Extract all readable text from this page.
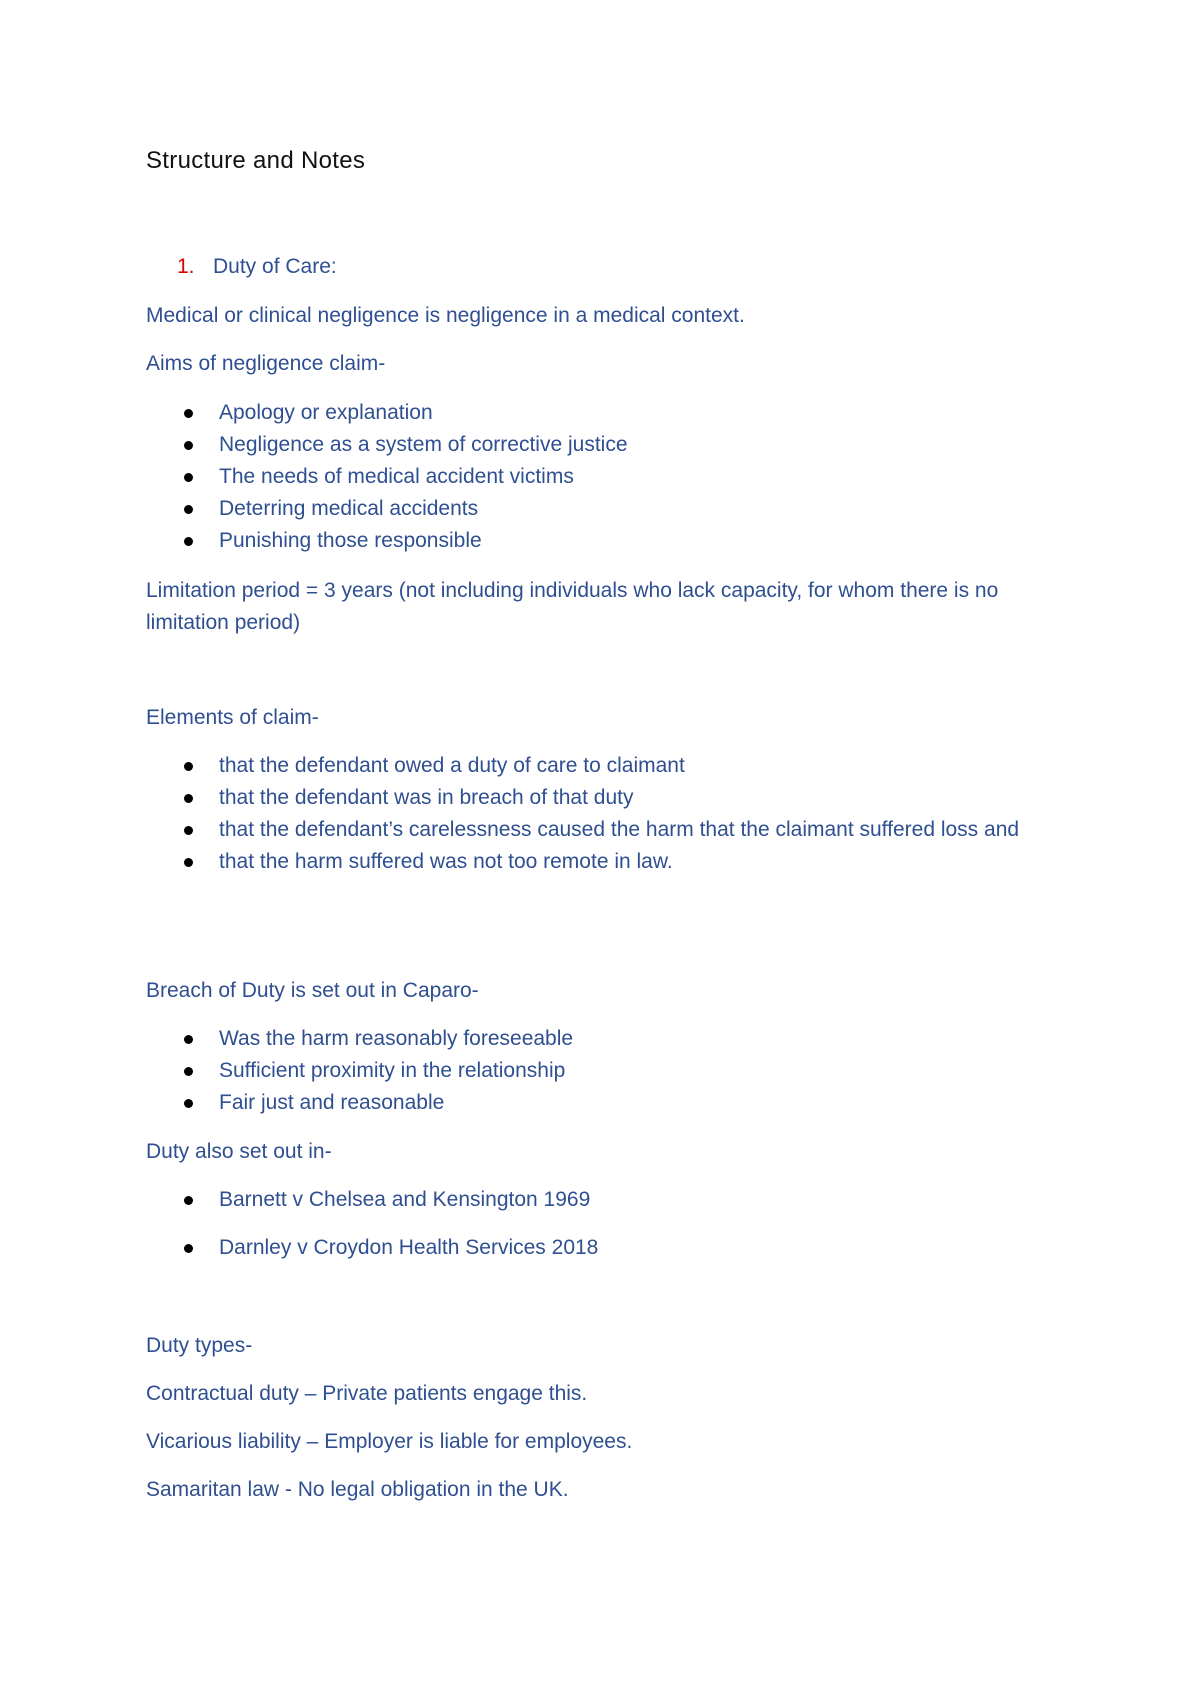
Structure and Notes
1. Duty of Care:

Medical or clinical negligence is negligence in a medical context.

Aims of negligence claim-

Apology or explanation
Negligence as a system of corrective justice
The needs of medical accident victims
Deterring medical accidents
Punishing those responsible

Limitation period = 3 years (not including individuals who lack capacity, for whom there is no limitation period)

Elements of claim-

that the defendant owed a duty of care to claimant
that the defendant was in breach of that duty
that the defendant’s carelessness caused the harm that the claimant suffered loss and
that the harm suffered was not too remote in law.

Breach of Duty is set out in Caparo-

Was the harm reasonably foreseeable
Sufficient proximity in the relationship
Fair just and reasonable

Duty also set out in-

Barnett v Chelsea and Kensington 1969
Darnley v Croydon Health Services 2018

Duty types-

Contractual duty – Private patients engage this.

Vicarious liability – Employer is liable for employees.

Samaritan law - No legal obligation in the UK.
